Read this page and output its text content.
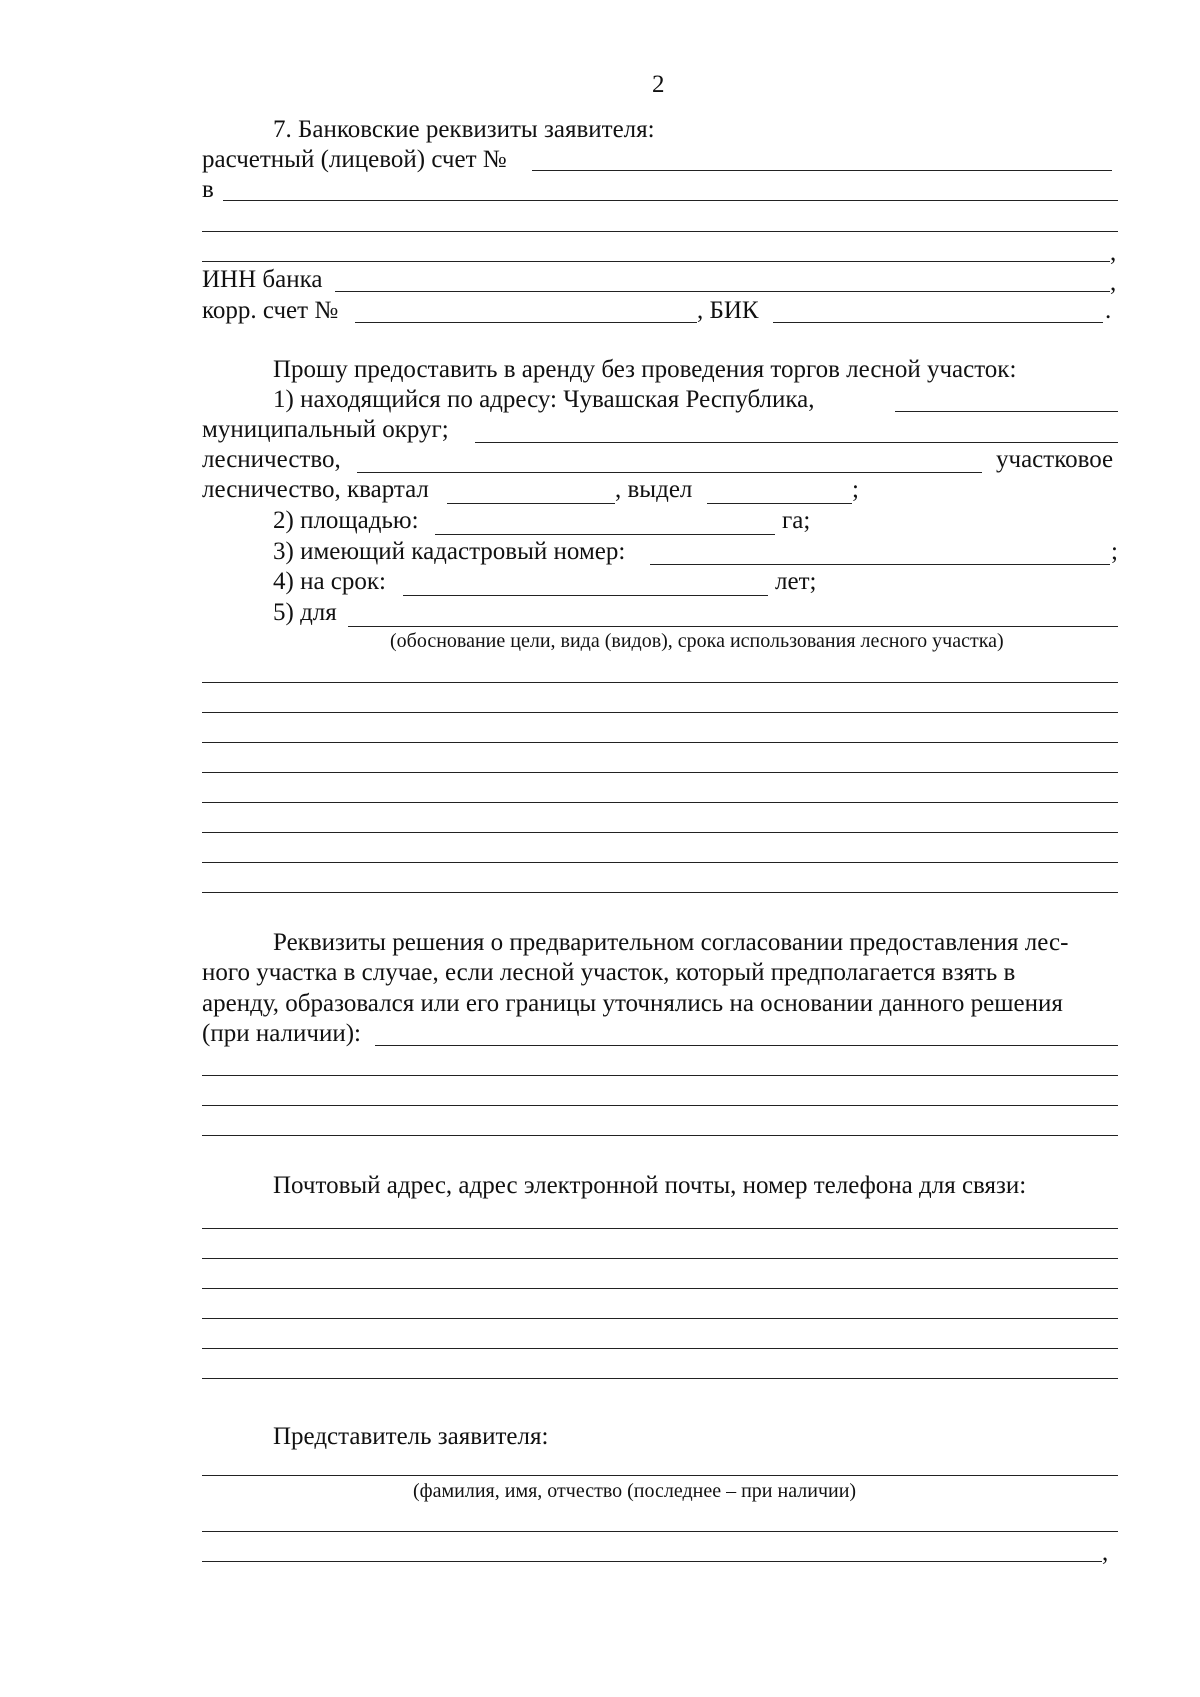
2
7. Банковские реквизиты заявителя:
расчетный (лицевой) счет №
в
,
ИНН банка	,
корр. счет №	, БИК	.
Прошу предоставить в аренду без проведения торгов лесной участок:
1) находящийся по адресу: Чувашская Республика,
муниципальный округ;
лесничество,	участковое
лесничество, квартал	, выдел	;
2) площадью:	га;
3) имеющий кадастровый номер:	;
4) на срок:	лет;
5) для
(обоснование цели, вида (видов), срока использования лесного участка)
Реквизиты решения о предварительном согласовании предоставления лес-
ного участка в случае, если лесной участок, который предполагается взять в
аренду, образовался или его границы уточнялись на основании данного решения
(при наличии):
Почтовый адрес, адрес электронной почты, номер телефона для связи:
Представитель заявителя:
(фамилия, имя, отчество (последнее – при наличии)
,
